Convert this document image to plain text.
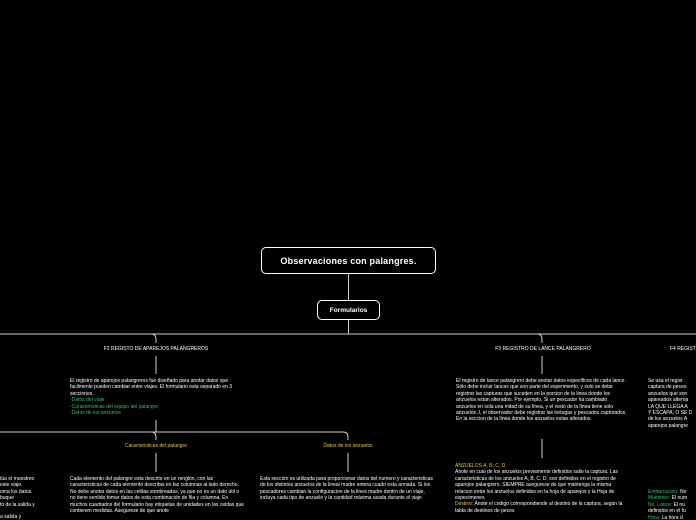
Observaciones con palangres.
Formularios
F2 REGISTO DE APAREJOS PALANGREROS
El registro de aparejos palangreros fue diseñado para anotar datos que facilmente pueden cambiar entre viajes. El formulario esta separado en 3 secciones,
-Datos del viaje
-Caracteristicas del equipo del palangre
-Datos de los anzuelos
Caracteristicas del palangre
Cada elemento del palangre esta descrito en un renglón, con las caracteristicas de cada elemento descritas en las columnas al lado derecho. No debe anotar datos en las celdas sombreadas, ya que no es un dato útil o no tiene sentido tomar datos de esta combinación de fila y columna. En muchos cuadrados del formulario hay etiquetas de unidades en las celdas que contienen medidas. Asegurese de que anote
Datos de los anzuelos
Esta sección es utilizada para proporcionar datos del numero y caracteristicas de los distintos anzuelos de la lineal madre entera cuado esta armada. Si los pescadores cambian la configuracion de la linea madre dentro de un viaje, incluya cada tipo de anzuelo y la cantidad máxima usada durante el viaje
túa el muestreo
este viaje.
oma los datos.
buque
to de la salida y

a salida y
F3 REGISTRO DE LANCE PALANGRERO
El registro de lance palangrero debe anotar datos especificos de cada lance. Sólo debe incluir lances que son parte del experimento, y solo se debe registrar las capturas que suceden en la porcion de la linea donde los anzuelos estan alterados. Por ejemplo, Si un pescador ha cambiado anzuelos en sola una mitad de su línea, y el resto de la línea tiene solo anzuelos J, el observador debe registrar las tortugas y pescados capturados. En la seccion de la línea donde los anzuelos estan alterados.
ANZUELOS A, B, C, D.
Anote en cual de los anzuelos previamente definidos salio la captura. Las caracteristicas de los anzuelos A, B, C, D, son definidos en el registro de aparejos palangrero. SIEMPRE asegurese de que mantenga la misma relacion entre los anzuelos definidos en la hoja de aparejos y la Hoja de especimenes
Destino: Anote el codigo correspondiende al destino de la captura, según la tabla de destinos de peces
F4 REGIST
Se usa el regist
captura de peces
anzuelos que son
apareados alterna
LA QUE LLEGA A
Y ESCAPA, O SE D
de los anzuelos A
aparejos palangre
Embarcación: No
Muestreo: El num
No. Lance: El nu
definidos en el fu
Hora: La hora d
